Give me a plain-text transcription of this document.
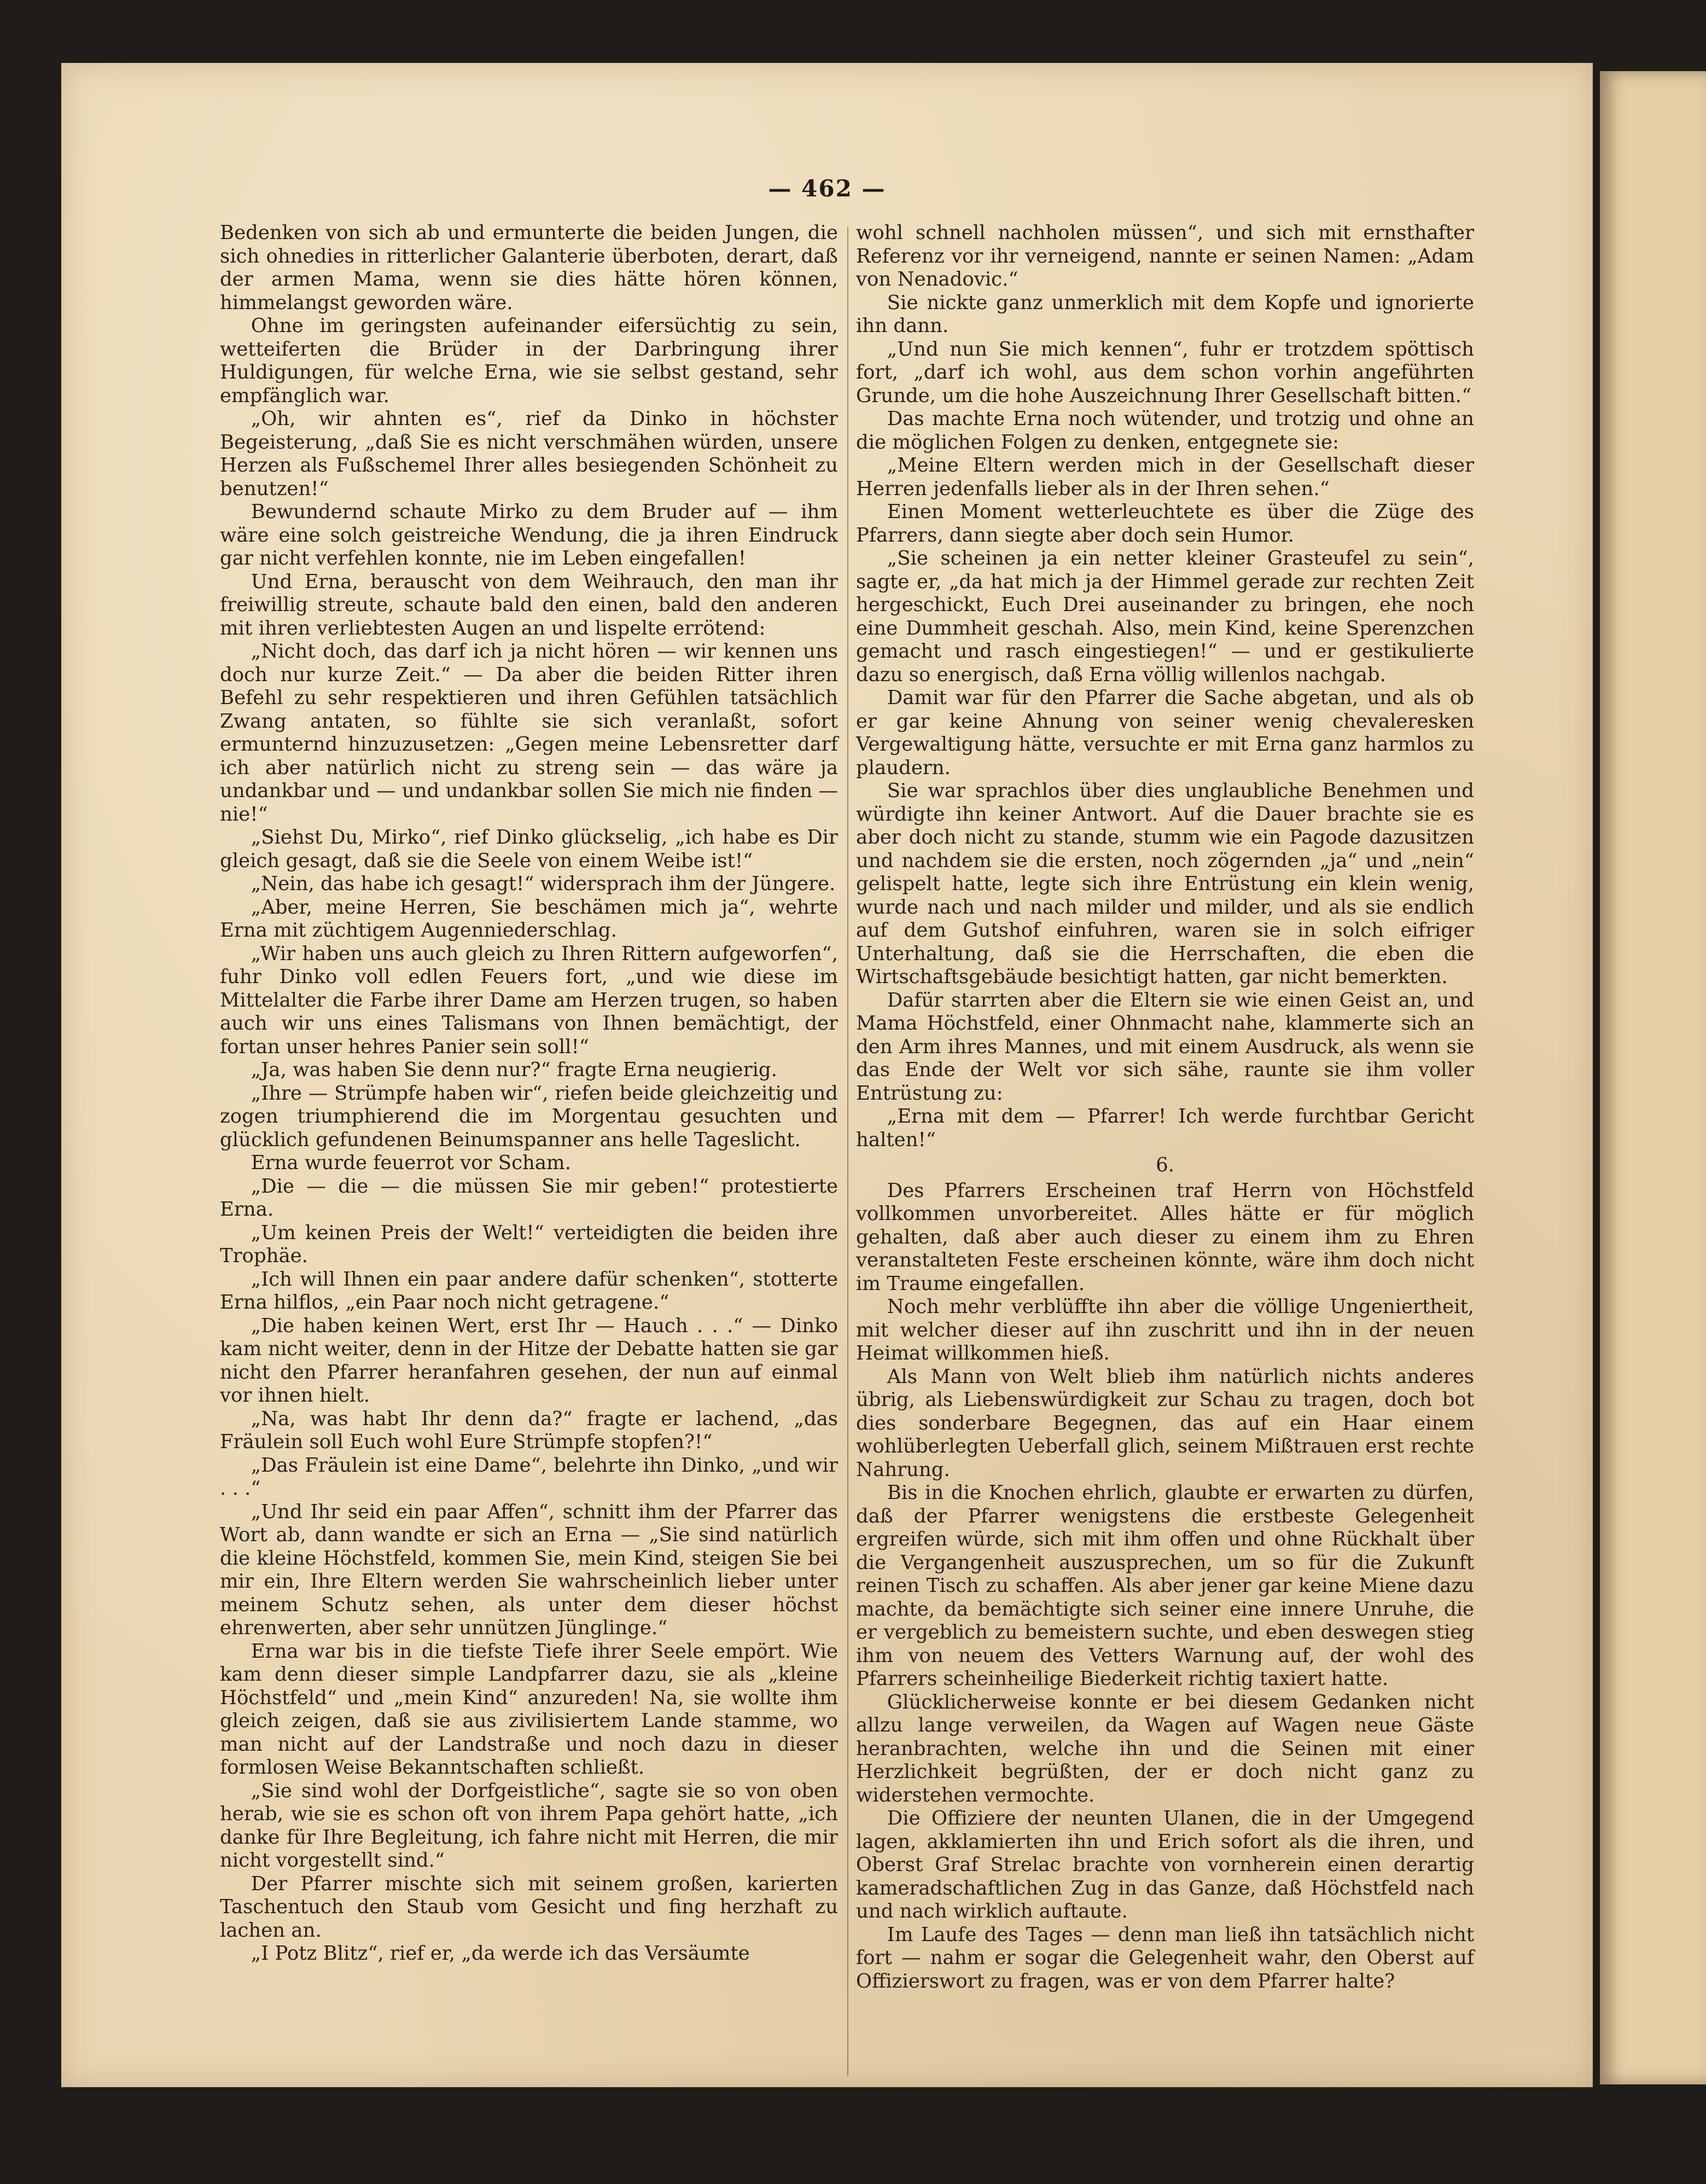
— 462 —

Bedenken von sich ab und ermunterte die beiden Jungen, die sich ohnedies in ritterlicher Galanterie überboten, derart, daß der armen Mama, wenn sie dies hätte hören können, himmelangst geworden wäre.

Ohne im geringsten aufeinander eifersüchtig zu sein, wetteiferten die Brüder in der Darbringung ihrer Huldigungen, für welche Erna, wie sie selbst gestand, sehr empfänglich war.

„Oh, wir ahnten es“, rief da Dinko in höchster Begeisterung, „daß Sie es nicht verschmähen würden, unsere Herzen als Fußschemel Ihrer alles besiegenden Schönheit zu benutzen!“

Bewundernd schaute Mirko zu dem Bruder auf — ihm wäre eine solch geistreiche Wendung, die ja ihren Eindruck gar nicht verfehlen konnte, nie im Leben eingefallen!

Und Erna, berauscht von dem Weihrauch, den man ihr freiwillig streute, schaute bald den einen, bald den anderen mit ihren verliebtesten Augen an und lispelte errötend:

„Nicht doch, das darf ich ja nicht hören — wir kennen uns doch nur kurze Zeit.“ — Da aber die beiden Ritter ihren Befehl zu sehr respektieren und ihren Gefühlen tatsächlich Zwang antaten, so fühlte sie sich veranlaßt, sofort ermunternd hinzuzusetzen: „Gegen meine Lebensretter darf ich aber natürlich nicht zu streng sein — das wäre ja undankbar und — und undankbar sollen Sie mich nie finden — nie!“

„Siehst Du, Mirko“, rief Dinko glückselig, „ich habe es Dir gleich gesagt, daß sie die Seele von einem Weibe ist!“

„Nein, das habe ich gesagt!“ widersprach ihm der Jüngere.

„Aber, meine Herren, Sie beschämen mich ja“, wehrte Erna mit züchtigem Augenniederschlag.

„Wir haben uns auch gleich zu Ihren Rittern aufgeworfen“, fuhr Dinko voll edlen Feuers fort, „und wie diese im Mittelalter die Farbe ihrer Dame am Herzen trugen, so haben auch wir uns eines Talismans von Ihnen bemächtigt, der fortan unser hehres Panier sein soll!“

„Ja, was haben Sie denn nur?“ fragte Erna neugierig.

„Ihre — Strümpfe haben wir“, riefen beide gleichzeitig und zogen triumphierend die im Morgentau gesuchten und glücklich gefundenen Beinumspanner ans helle Tageslicht.

Erna wurde feuerrot vor Scham.

„Die — die — die müssen Sie mir geben!“ protestierte Erna.

„Um keinen Preis der Welt!“ verteidigten die beiden ihre Trophäe.

„Ich will Ihnen ein paar andere dafür schenken“, stotterte Erna hilflos, „ein Paar noch nicht getragene.“

„Die haben keinen Wert, erst Ihr — Hauch . . .“ — Dinko kam nicht weiter, denn in der Hitze der Debatte hatten sie gar nicht den Pfarrer heranfahren gesehen, der nun auf einmal vor ihnen hielt.

„Na, was habt Ihr denn da?“ fragte er lachend, „das Fräulein soll Euch wohl Eure Strümpfe stopfen?!“

„Das Fräulein ist eine Dame“, belehrte ihn Dinko, „und wir . . .“

„Und Ihr seid ein paar Affen“, schnitt ihm der Pfarrer das Wort ab, dann wandte er sich an Erna — „Sie sind natürlich die kleine Höchstfeld, kommen Sie, mein Kind, steigen Sie bei mir ein, Ihre Eltern werden Sie wahrscheinlich lieber unter meinem Schutz sehen, als unter dem dieser höchst ehrenwerten, aber sehr unnützen Jünglinge.“

Erna war bis in die tiefste Tiefe ihrer Seele empört. Wie kam denn dieser simple Landpfarrer dazu, sie als „kleine Höchstfeld“ und „mein Kind“ anzureden! Na, sie wollte ihm gleich zeigen, daß sie aus zivilisiertem Lande stamme, wo man nicht auf der Landstraße und noch dazu in dieser formlosen Weise Bekanntschaften schließt.

„Sie sind wohl der Dorfgeistliche“, sagte sie so von oben herab, wie sie es schon oft von ihrem Papa gehört hatte, „ich danke für Ihre Begleitung, ich fahre nicht mit Herren, die mir nicht vorgestellt sind.“

Der Pfarrer mischte sich mit seinem großen, karierten Taschentuch den Staub vom Gesicht und fing herzhaft zu lachen an.

„I Potz Blitz“, rief er, „da werde ich das Versäumte

wohl schnell nachholen müssen“, und sich mit ernsthafter Referenz vor ihr verneigend, nannte er seinen Namen: „Adam von Nenadovic.“

Sie nickte ganz unmerklich mit dem Kopfe und ignorierte ihn dann.

„Und nun Sie mich kennen“, fuhr er trotzdem spöttisch fort, „darf ich wohl, aus dem schon vorhin angeführten Grunde, um die hohe Auszeichnung Ihrer Gesellschaft bitten.“

Das machte Erna noch wütender, und trotzig und ohne an die möglichen Folgen zu denken, entgegnete sie:

„Meine Eltern werden mich in der Gesellschaft dieser Herren jedenfalls lieber als in der Ihren sehen.“

Einen Moment wetterleuchtete es über die Züge des Pfarrers, dann siegte aber doch sein Humor.

„Sie scheinen ja ein netter kleiner Grasteufel zu sein“, sagte er, „da hat mich ja der Himmel gerade zur rechten Zeit hergeschickt, Euch Drei auseinander zu bringen, ehe noch eine Dummheit geschah. Also, mein Kind, keine Sperenzchen gemacht und rasch eingestiegen!“ — und er gestikulierte dazu so energisch, daß Erna völlig willenlos nachgab.

Damit war für den Pfarrer die Sache abgetan, und als ob er gar keine Ahnung von seiner wenig chevaleresken Vergewaltigung hätte, versuchte er mit Erna ganz harmlos zu plaudern.

Sie war sprachlos über dies unglaubliche Benehmen und würdigte ihn keiner Antwort. Auf die Dauer brachte sie es aber doch nicht zu stande, stumm wie ein Pagode dazusitzen und nachdem sie die ersten, noch zögernden „ja“ und „nein“ gelispelt hatte, legte sich ihre Entrüstung ein klein wenig, wurde nach und nach milder und milder, und als sie endlich auf dem Gutshof einfuhren, waren sie in solch eifriger Unterhaltung, daß sie die Herrschaften, die eben die Wirtschaftsgebäude besichtigt hatten, gar nicht bemerkten.

Dafür starrten aber die Eltern sie wie einen Geist an, und Mama Höchstfeld, einer Ohnmacht nahe, klammerte sich an den Arm ihres Mannes, und mit einem Ausdruck, als wenn sie das Ende der Welt vor sich sähe, raunte sie ihm voller Entrüstung zu:

„Erna mit dem — Pfarrer! Ich werde furchtbar Gericht halten!“

6.

Des Pfarrers Erscheinen traf Herrn von Höchstfeld vollkommen unvorbereitet. Alles hätte er für möglich gehalten, daß aber auch dieser zu einem ihm zu Ehren veranstalteten Feste erscheinen könnte, wäre ihm doch nicht im Traume eingefallen.

Noch mehr verblüffte ihn aber die völlige Ungeniertheit, mit welcher dieser auf ihn zuschritt und ihn in der neuen Heimat willkommen hieß.

Als Mann von Welt blieb ihm natürlich nichts anderes übrig, als Liebenswürdigkeit zur Schau zu tragen, doch bot dies sonderbare Begegnen, das auf ein Haar einem wohlüberlegten Ueberfall glich, seinem Mißtrauen erst rechte Nahrung.

Bis in die Knochen ehrlich, glaubte er erwarten zu dürfen, daß der Pfarrer wenigstens die erstbeste Gelegenheit ergreifen würde, sich mit ihm offen und ohne Rückhalt über die Vergangenheit auszusprechen, um so für die Zukunft reinen Tisch zu schaffen. Als aber jener gar keine Miene dazu machte, da bemächtigte sich seiner eine innere Unruhe, die er vergeblich zu bemeistern suchte, und eben deswegen stieg ihm von neuem des Vetters Warnung auf, der wohl des Pfarrers scheinheilige Biederkeit richtig taxiert hatte.

Glücklicherweise konnte er bei diesem Gedanken nicht allzu lange verweilen, da Wagen auf Wagen neue Gäste heranbrachten, welche ihn und die Seinen mit einer Herzlichkeit begrüßten, der er doch nicht ganz zu widerstehen vermochte.

Die Offiziere der neunten Ulanen, die in der Umgegend lagen, akklamierten ihn und Erich sofort als die ihren, und Oberst Graf Strelac brachte von vornherein einen derartig kameradschaftlichen Zug in das Ganze, daß Höchstfeld nach und nach wirklich auftaute.

Im Laufe des Tages — denn man ließ ihn tatsächlich nicht fort — nahm er sogar die Gelegenheit wahr, den Oberst auf Offizierswort zu fragen, was er von dem Pfarrer halte?
